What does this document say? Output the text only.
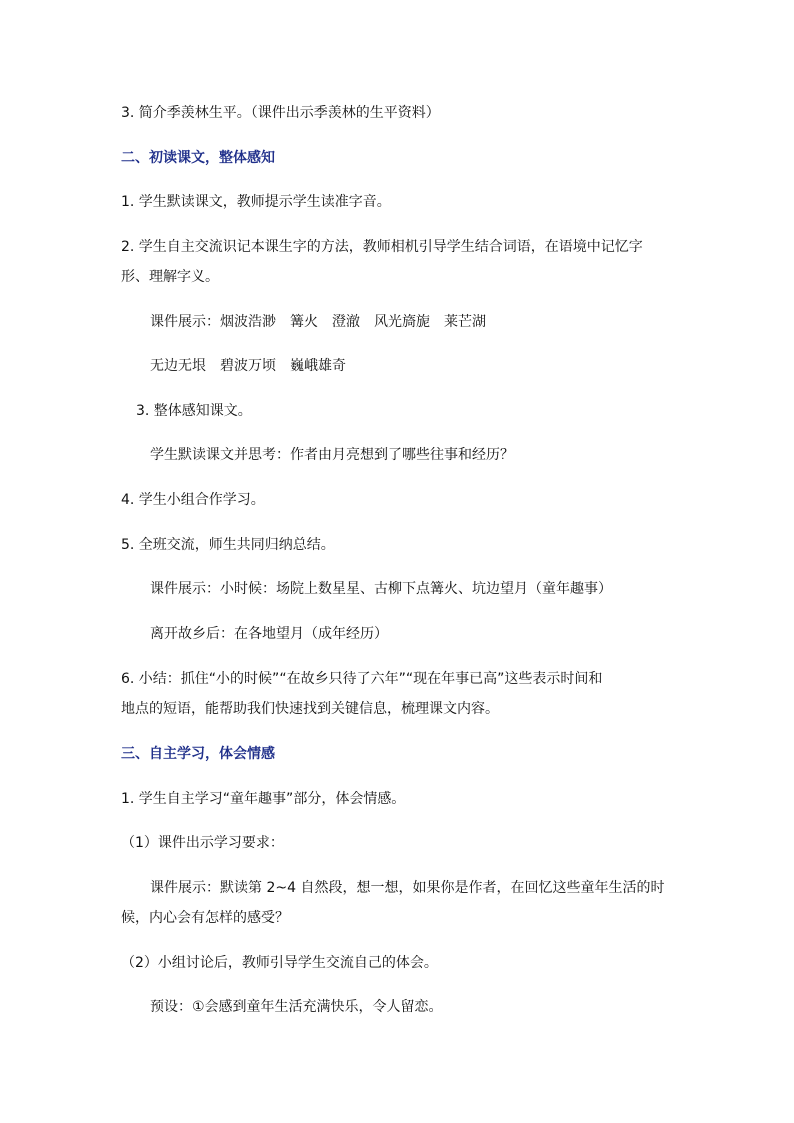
3. 简介季羡林生平。（课件出示季羡林的生平资料）
二、初读课文，整体感知
1. 学生默读课文，教师提示学生读准字音。
2. 学生自主交流识记本课生字的方法，教师相机引导学生结合词语，在语境中记忆字
形、理解字义。
课件展示：烟波浩渺　篝火　澄澈　风光旖旎　莱芒湖
无边无垠　碧波万顷　巍峨雄奇
3. 整体感知课文。
学生默读课文并思考：作者由月亮想到了哪些往事和经历？
4. 学生小组合作学习。
5. 全班交流，师生共同归纳总结。
课件展示：小时候：场院上数星星、古柳下点篝火、坑边望月（童年趣事）
离开故乡后：在各地望月（成年经历）
6. 小结：抓住“小的时候”“在故乡只待了六年”“现在年事已高”这些表示时间和
地点的短语，能帮助我们快速找到关键信息，梳理课文内容。
三、自主学习，体会情感
1. 学生自主学习“童年趣事”部分，体会情感。
（1）课件出示学习要求：
课件展示：默读第 2~4 自然段，想一想，如果你是作者，在回忆这些童年生活的时
候，内心会有怎样的感受？
（2）小组讨论后，教师引导学生交流自己的体会。
预设：①会感到童年生活充满快乐，令人留恋。
